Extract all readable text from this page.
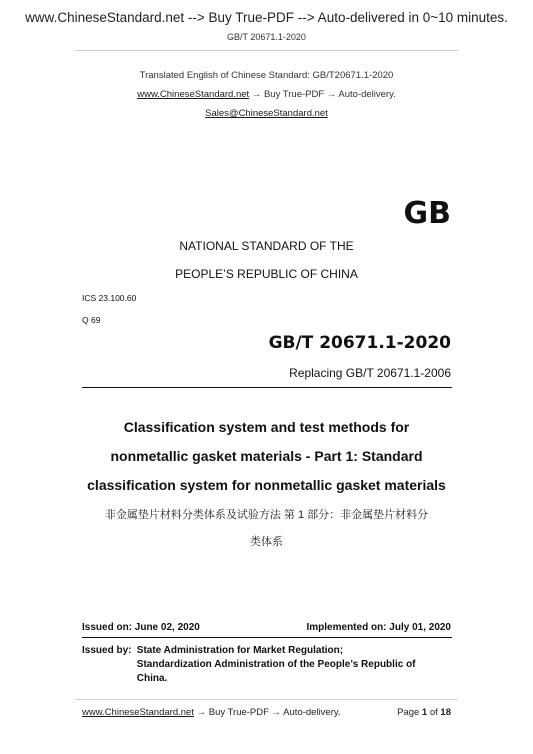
www.ChineseStandard.net --> Buy True-PDF --> Auto-delivered in 0~10 minutes.
GB/T 20671.1-2020
Translated English of Chinese Standard: GB/T20671.1-2020
www.ChineseStandard.net → Buy True-PDF → Auto-delivery.
Sales@ChineseStandard.net
GB
NATIONAL STANDARD OF THE
PEOPLE’S REPUBLIC OF CHINA
ICS 23.100.60
Q 69
GB/T 20671.1-2020
Replacing GB/T 20671.1-2006
Classification system and test methods for
nonmetallic gasket materials - Part 1: Standard
classification system for nonmetallic gasket materials
非金属垫片材料分类体系及试验方法 第 1 部分：非金属垫片材料分
类体系
Issued on: June 02, 2020	Implemented on: July 01, 2020
Issued by: State Administration for Market Regulation;
Standardization Administration of the People’s Republic of
China.
www.ChineseStandard.net → Buy True-PDF → Auto-delivery.	Page 1 of 18
